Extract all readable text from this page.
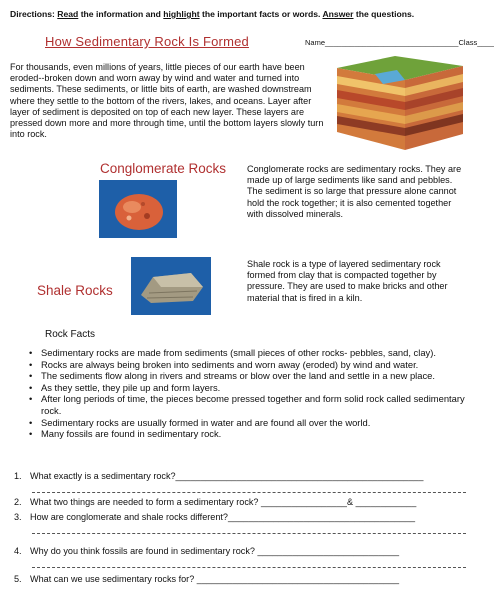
Directions: Read the information and highlight the important facts or words. Answer the questions.
How Sedimentary Rock Is Formed	Name________________________________Class____
For thousands, even millions of years, little pieces of our earth have been eroded--broken down and worn away by wind and water and turned into sediments. These sediments, or little bits of earth, are washed downstream where they settle to the bottom of the rivers, lakes, and oceans. Layer after layer of sediment is deposited on top of each new layer. These layers are pressed down more and more through time, until the bottom layers slowly turn into rock.
Conglomerate Rocks Conglomerate rocks are sedimentary rocks. They are made up of large sediments like sand and pebbles. The sediment is so large that pressure alone cannot hold the rock together; it is also cemented together with dissolved minerals.
Shale Rocks
Shale rock is a type of layered sedimentary rock formed from clay that is compacted together by pressure. They are used to make bricks and other material that is fired in a kiln.
Rock Facts
• Sedimentary rocks are made from sediments (small pieces of other rocks- pebbles, sand, clay).
• Rocks are always being broken into sediments and worn away (eroded) by wind and water.
• The sediments flow along in rivers and streams or blow over the land and settle in a new place.
• As they settle, they pile up and form layers.
• After long periods of time, the pieces become pressed together and form solid rock called sedimentary rock.
• Sedimentary rocks are usually formed in water and are found all over the world.
• Many fossils are found in sedimentary rock.
1. What exactly is a sedimentary rock?_________________________________________________
2. What two things are needed to form a sedimentary rock? _________________& ____________
3. How are conglomerate and shale rocks different?_____________________________________
4. Why do you think fossils are found in sedimentary rock? ____________________________
5. What can we use sedimentary rocks for? ________________________________________
